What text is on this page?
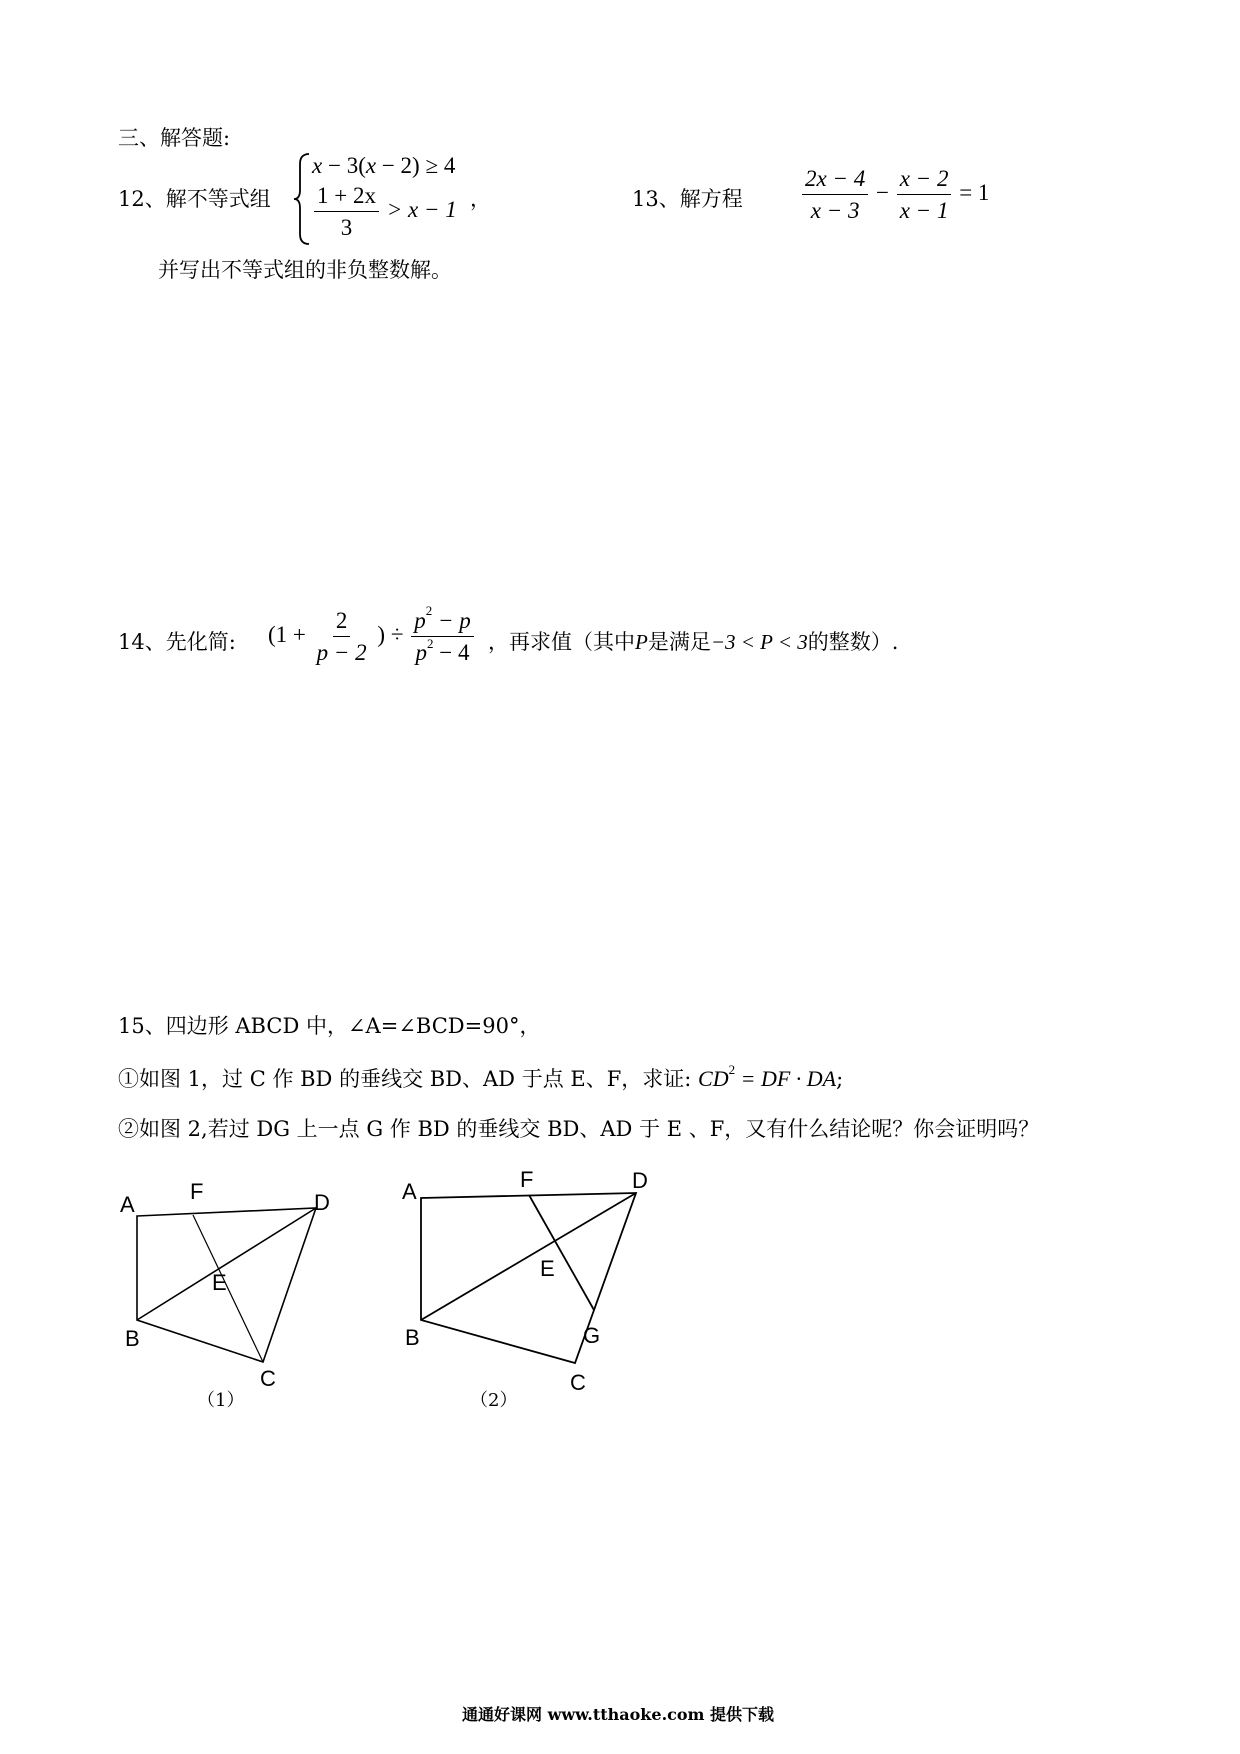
三、解答题:
12、解不等式组
x − 3(x − 2) ≥ 4
$\frac{1 + 2x}{3} > x - 1$ ，
并写出不等式组的非负整数解。
13、解方程	$\frac{2x - 4}{x - 3} - \frac{x - 2}{x - 1} = 1$
14、先化简: ($1 + \frac{2}{p - 2}$ ) ÷ $\frac{p^2 - p}{p^2 - 4}$ ，再求值（其中P是满足−3 < P < 3的整数）.
15、四边形 ABCD 中，∠A=∠BCD=90°，
①如图 1，过 C 作 BD 的垂线交 BD、AD 于点 E、F，求证: $CD^2$ = DF · DA;
②如图 2,若过 DG 上一点 G 作 BD 的垂线交 BD、AD 于 E 、F，又有什么结论呢？你会证明吗？
A
F	D
E
B
C
（1）
A	F	D
E
B	G
C
（2）
通通好课网 www.tthaoke.com 提供下载
